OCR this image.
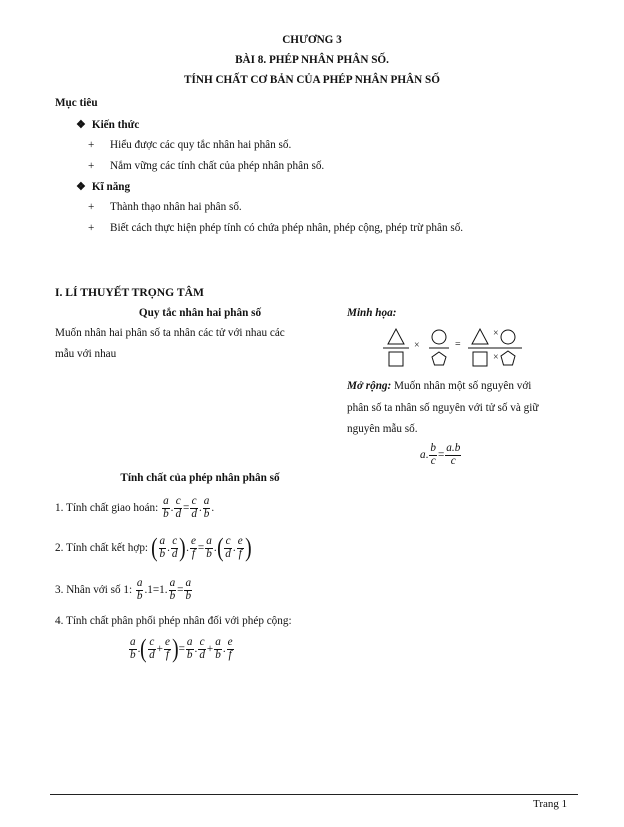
CHƯƠNG 3
BÀI 8. PHÉP NHÂN PHÂN SỐ.
TÍNH CHẤT CƠ BẢN CỦA PHÉP NHÂN PHÂN SỐ
Mục tiêu
❖ Kiến thức
+ Hiểu được các quy tắc nhân hai phân số.
+ Nắm vững các tính chất của phép nhân phân số.
❖ Kĩ năng
+ Thành thạo nhân hai phân số.
+ Biết cách thực hiện phép tính có chứa phép nhân, phép cộng, phép trừ phân số.
I. LÍ THUYẾT TRỌNG TÂM
Quy tắc nhân hai phân số
Muốn nhân hai phân số ta nhân các tử với nhau các
mẫu với nhau
Minh họa:
×	=
×
×
Mở rộng: Muốn nhân một số nguyên với
phân số ta nhân số nguyên với tử số và giữ
nguyên mẫu số.
a. $\frac{b}{c} = \frac{a.b}{c}$
Tính chất của phép nhân phân số
1. Tính chất giao hoán: $\frac{a}{b}$ . $\frac{c}{d} = \frac{c}{d}$ . $\frac{a}{b}$ .
2. Tính chất kết hợp: ( $\frac{a}{b}$ . $\frac{c}{d}$ ). $\frac{e}{f} = \frac{a}{b}$ .( $\frac{c}{d}$ . $\frac{e}{f}$ )
3. Nhân với số 1: $\frac{a}{b} .1=1$. $\frac{a}{b} = \frac{a}{b}$
4. Tính chất phân phối phép nhân đối với phép cộng:
$\frac{a}{b}$ .( $\frac{c}{d} + \frac{e}{f}$ )= $\frac{a}{b}$ . $\frac{c}{d} + \frac{a}{b}$ . $\frac{e}{f}$
Trang 1
